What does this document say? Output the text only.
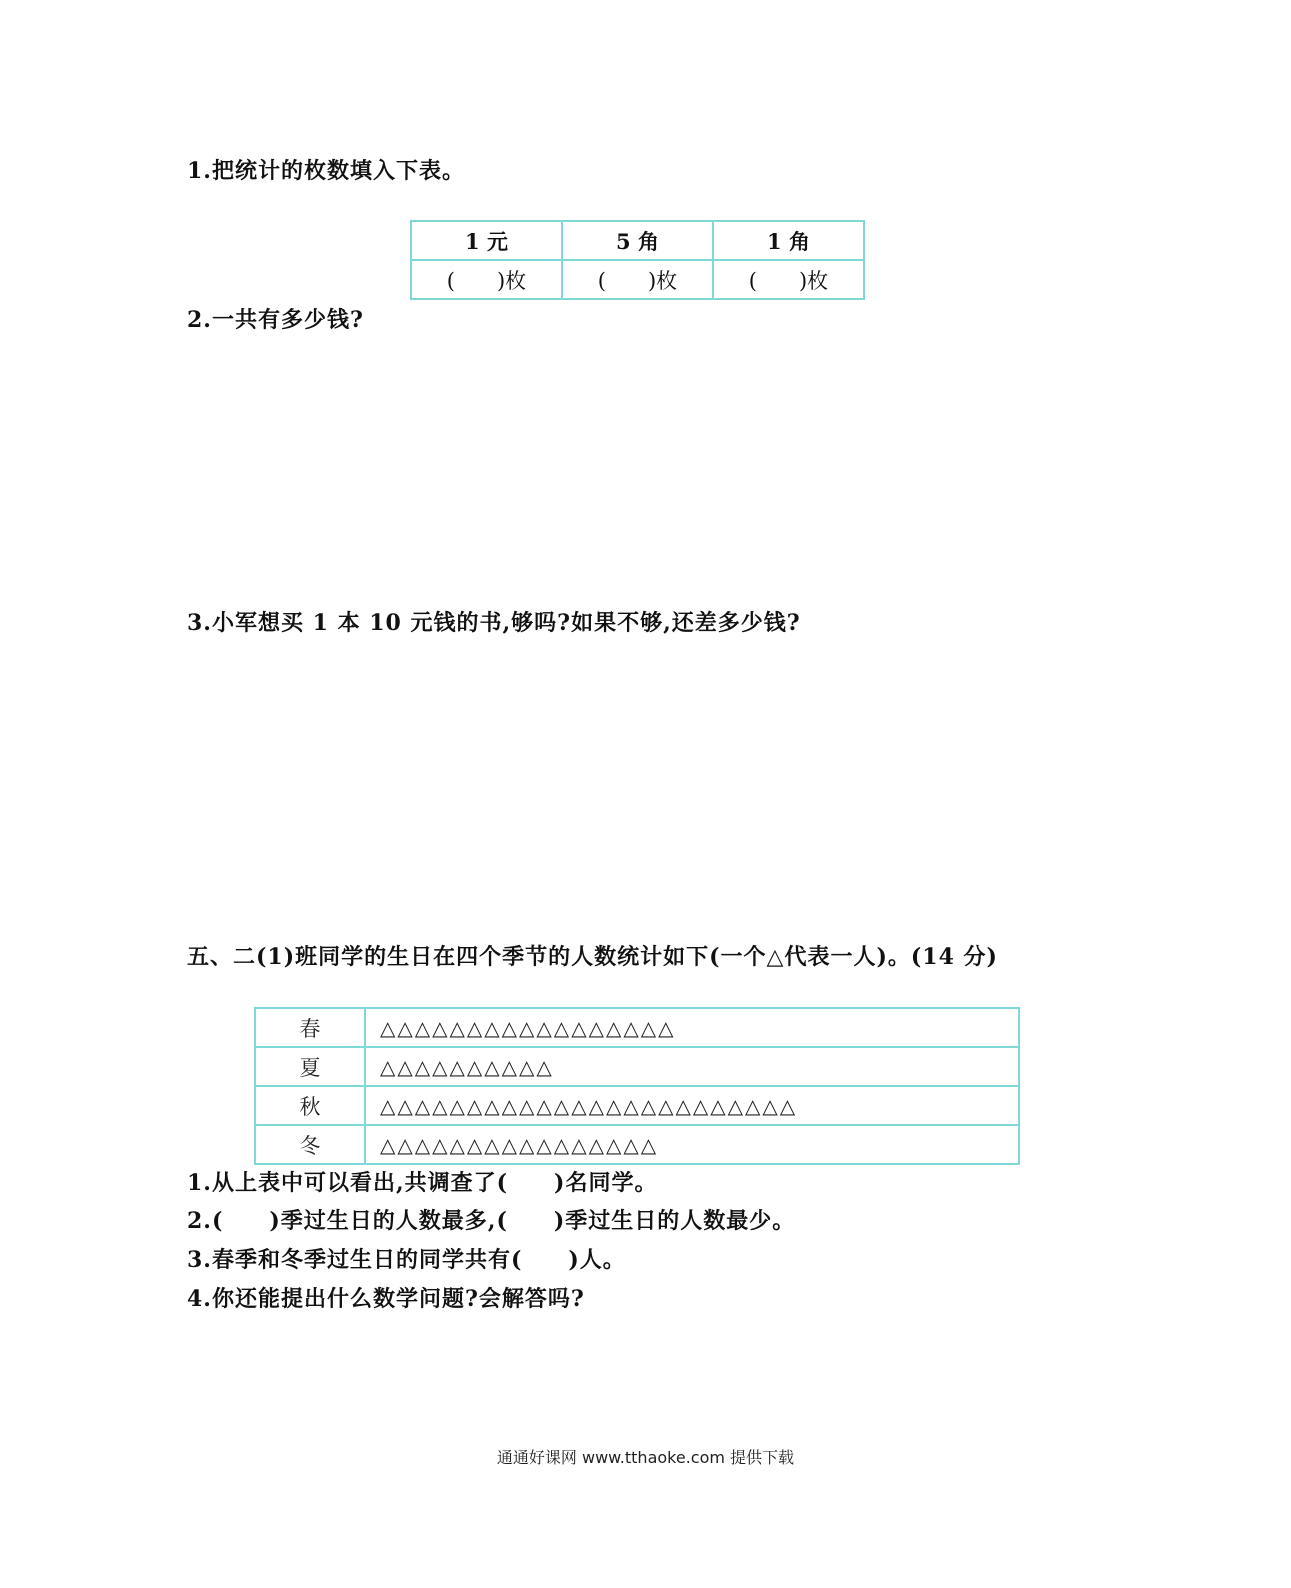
1.把统计的枚数填入下表。
1 元	5 角	1 角
(　　)枚	(　　)枚	(　　)枚
2.一共有多少钱?
3.小军想买 1 本 10 元钱的书,够吗?如果不够,还差多少钱?
五、二(1)班同学的生日在四个季节的人数统计如下(一个△代表一人)。(14 分)
春	△△△△△△△△△△△△△△△△△
夏	△△△△△△△△△△
秋	△△△△△△△△△△△△△△△△△△△△△△△△
冬	△△△△△△△△△△△△△△△△
1.从上表中可以看出,共调查了(　　)名同学。
2.(　　)季过生日的人数最多,(　　)季过生日的人数最少。
3.春季和冬季过生日的同学共有(　　)人。
4.你还能提出什么数学问题?会解答吗?
通通好课网 www.tthaoke.com 提供下载
